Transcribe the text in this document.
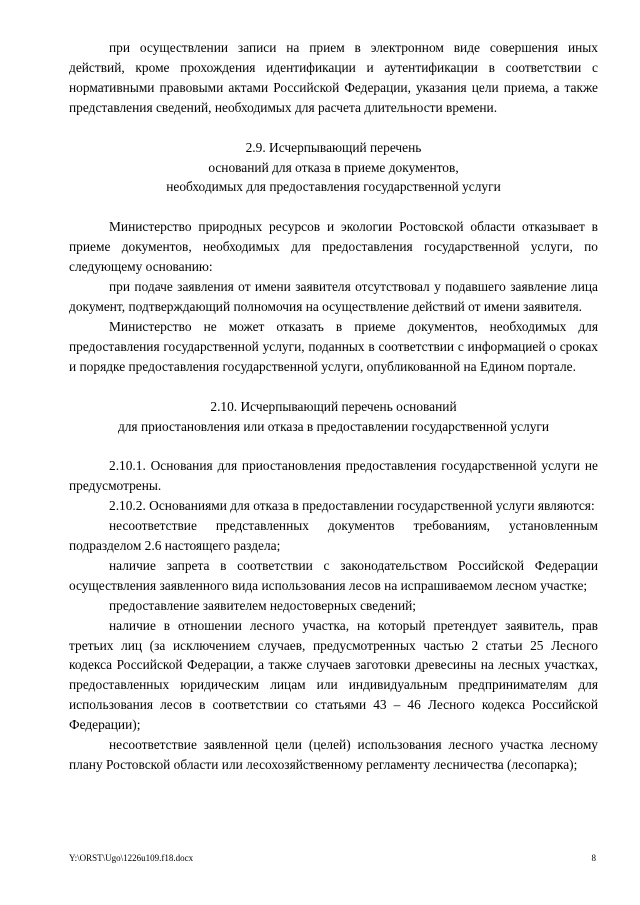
при осуществлении записи на прием в электронном виде совершения иных действий, кроме прохождения идентификации и аутентификации в соответствии с нормативными правовыми актами Российской Федерации, указания цели приема, а также представления сведений, необходимых для расчета длительности времени.

2.9. Исчерпывающий перечень

оснований для отказа в приеме документов,

необходимых для предоставления государственной услуги

Министерство природных ресурсов и экологии Ростовской области отказывает в приеме документов, необходимых для предоставления государственной услуги, по следующему основанию:

при подаче заявления от имени заявителя отсутствовал у подавшего заявление лица документ, подтверждающий полномочия на осуществление действий от имени заявителя.

Министерство не может отказать в приеме документов, необходимых для предоставления государственной услуги, поданных в соответствии с информацией о сроках и порядке предоставления государственной услуги, опубликованной на Едином портале.

2.10. Исчерпывающий перечень оснований

для приостановления или отказа в предоставлении государственной услуги

2.10.1. Основания для приостановления предоставления государственной услуги не предусмотрены.

2.10.2. Основаниями для отказа в предоставлении государственной услуги являются:

несоответствие представленных документов требованиям, установленным подразделом 2.6 настоящего раздела;

наличие запрета в соответствии с законодательством Российской Федерации осуществления заявленного вида использования лесов на испрашиваемом лесном участке;

предоставление заявителем недостоверных сведений;

наличие в отношении лесного участка, на который претендует заявитель, прав третьих лиц (за исключением случаев, предусмотренных частью 2 статьи 25 Лесного кодекса Российской Федерации, а также случаев заготовки древесины на лесных участках, предоставленных юридическим лицам или индивидуальным предпринимателям для использования лесов в соответствии со статьями 43 – 46 Лесного кодекса Российской Федерации);

несоответствие заявленной цели (целей) использования лесного участка лесному плану Ростовской области или лесохозяйственному регламенту лесничества (лесопарка);

Y:\ORST\Ugo\1226u109.f18.docx	8
